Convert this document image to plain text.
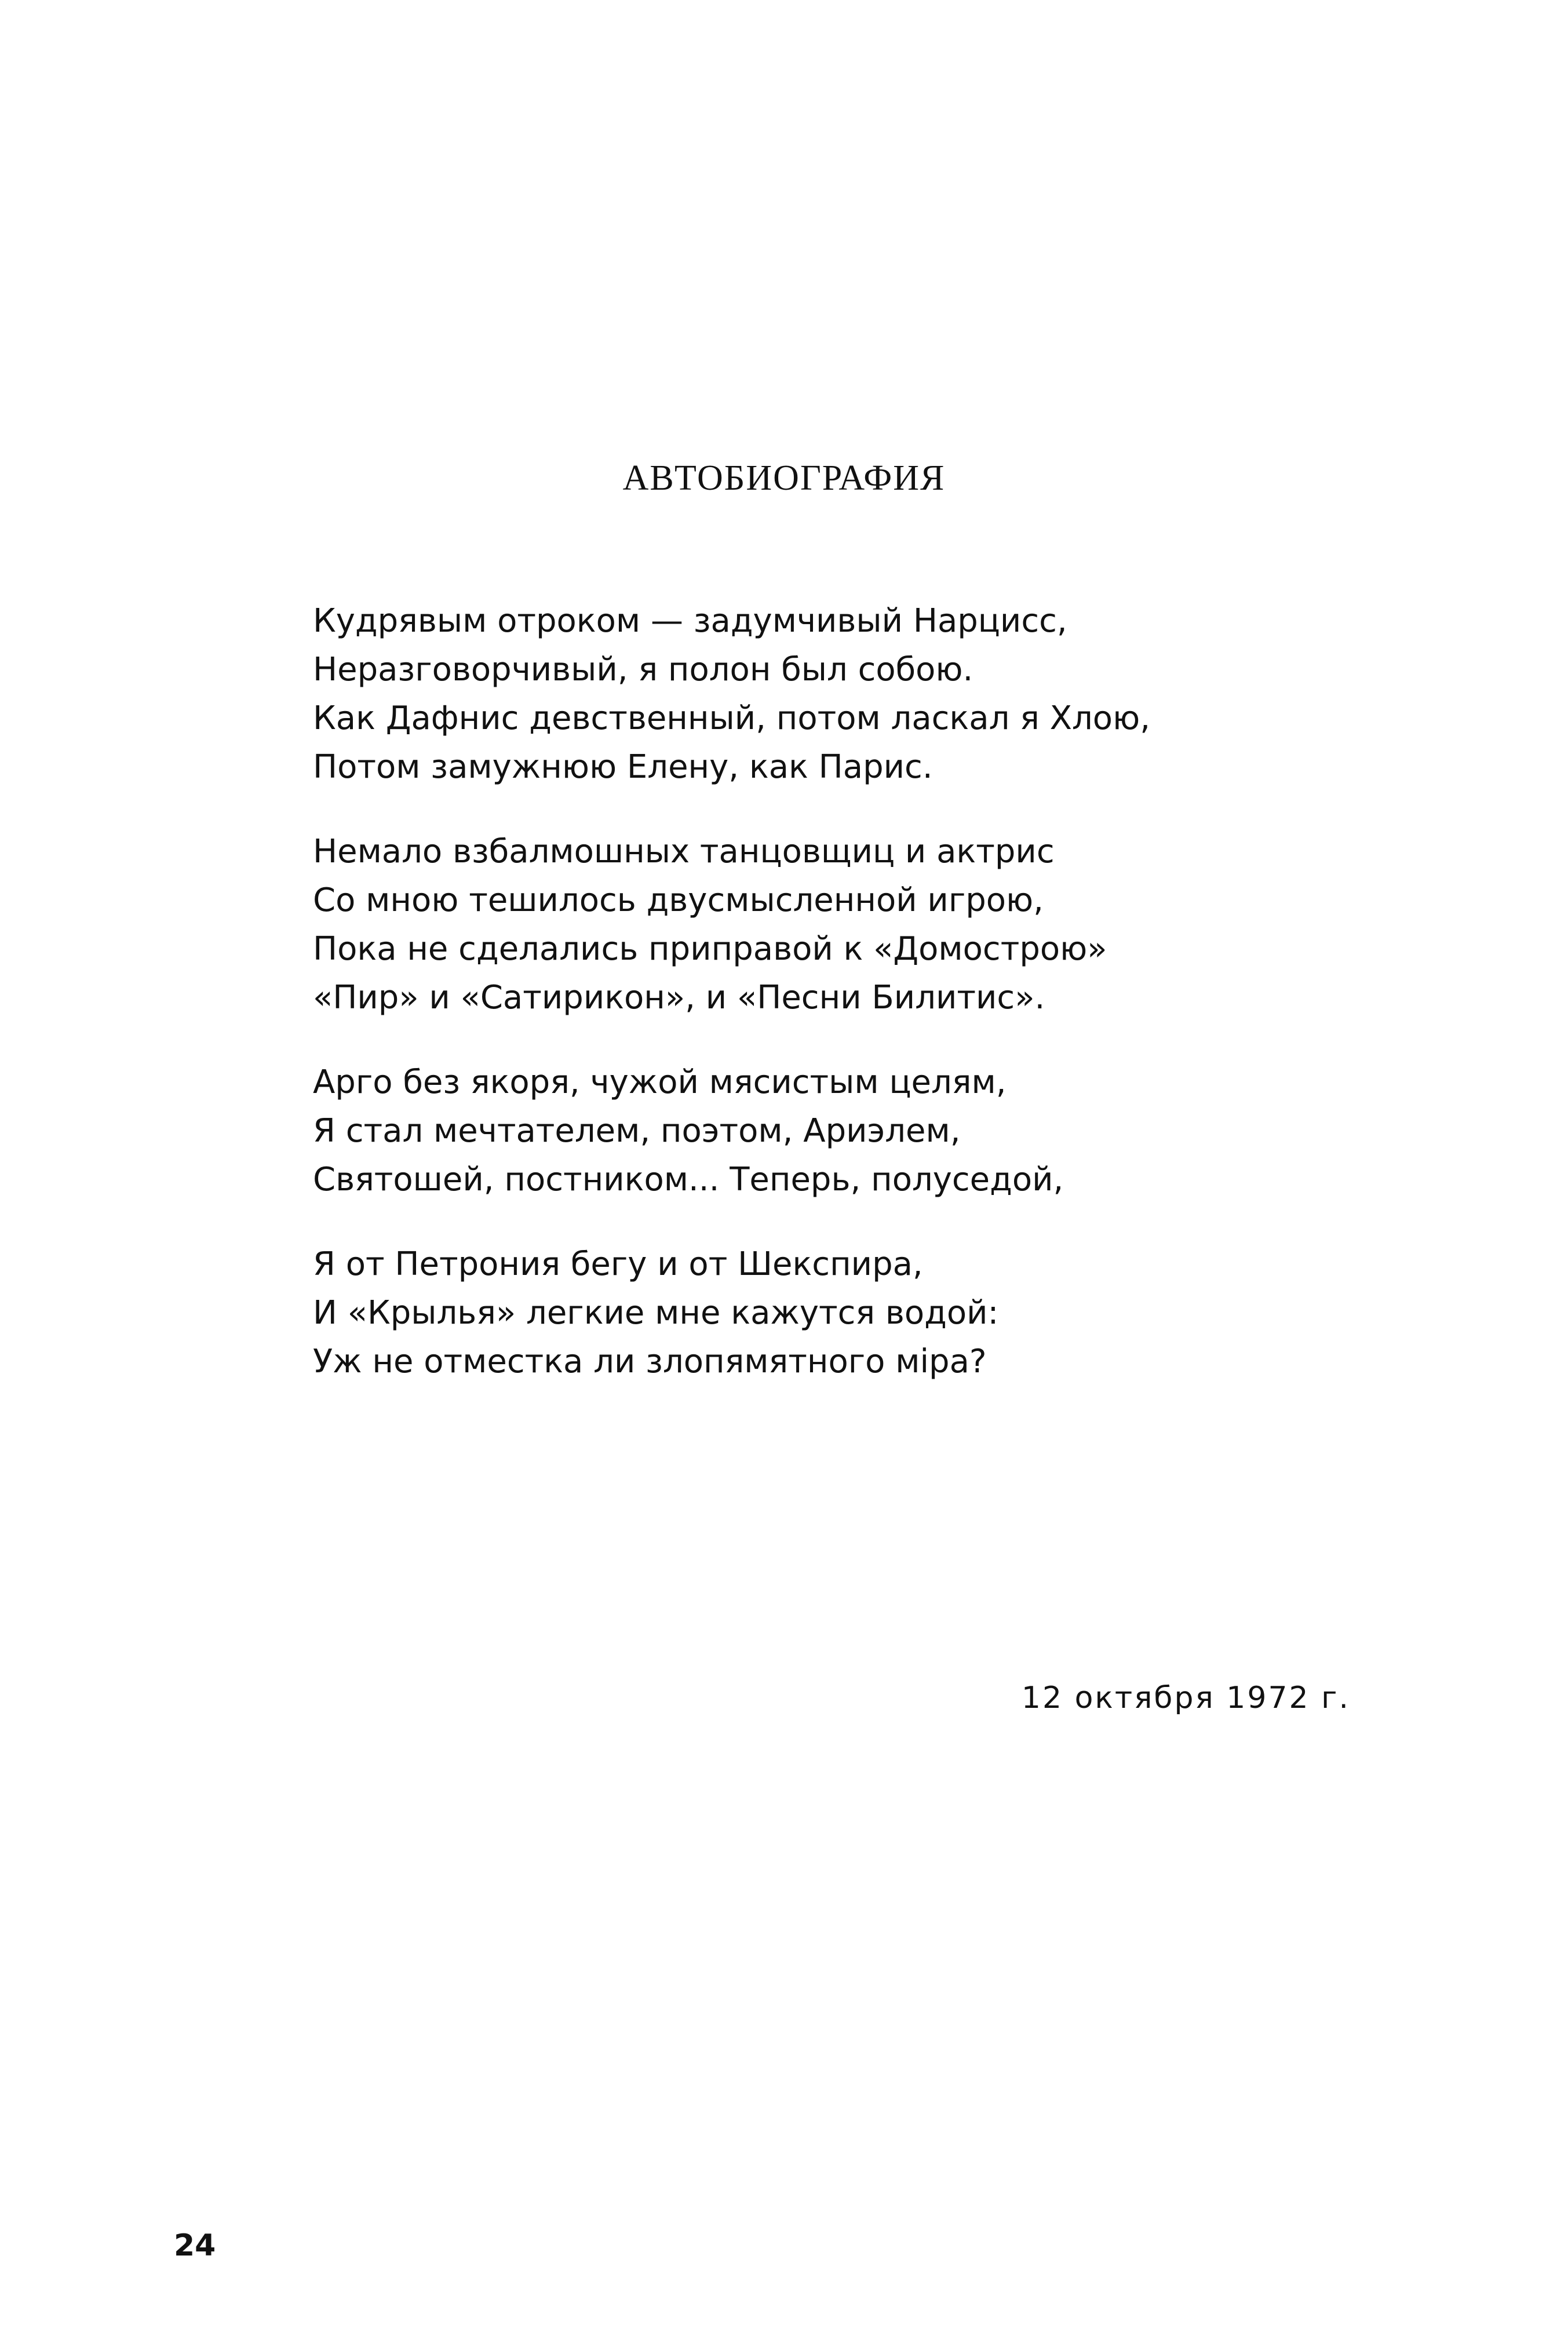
АВТОБИОГРАФИЯ
Кудрявым отроком — задумчивый Нарцисс,
Неразговорчивый, я полон был собою.
Как Дафнис девственный, потом ласкал я Хлою,
Потом замужнюю Елену, как Парис.
Немало взбалмошных танцовщиц и актрис
Со мною тешилось двусмысленной игрою,
Пока не сделались приправой к «Домострою»
«Пир» и «Сатирикон», и «Песни Билитис».
Арго без якоря, чужой мясистым целям,
Я стал мечтателем, поэтом, Ариэлем,
Святошей, постником... Теперь, полуседой,
Я от Петрония бегу и от Шекспира,
И «Крылья» легкие мне кажутся водой:
Уж не отместка ли злопямятного міра?
12 октября 1972 г.
24
